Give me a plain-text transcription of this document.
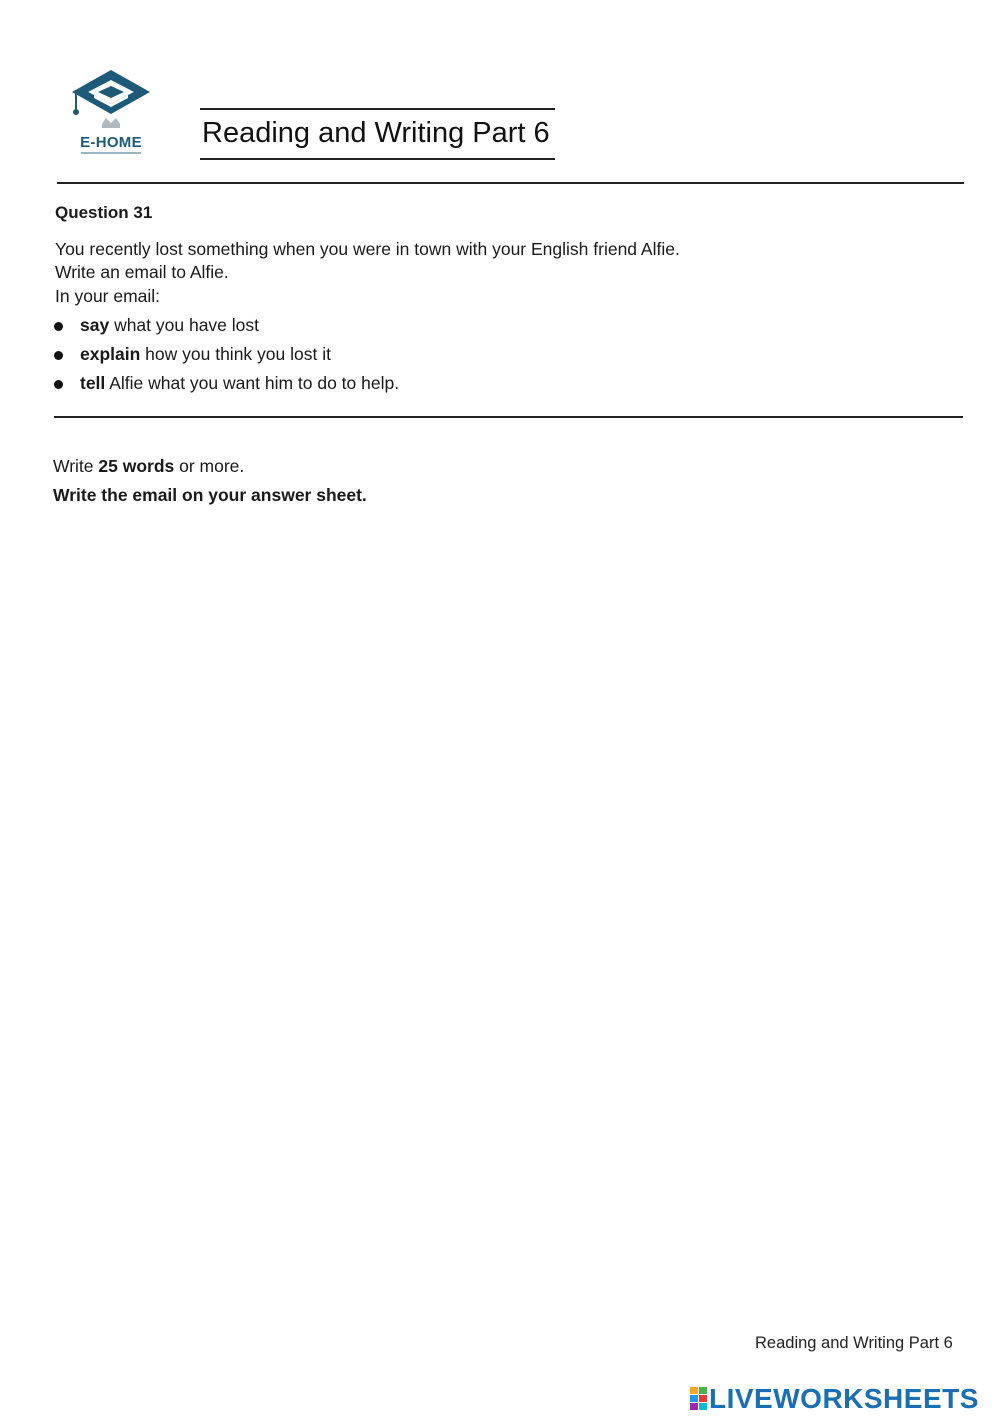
E-HOME	Reading and Writing Part 6
Question 31
You recently lost something when you were in town with your English friend Alfie.
Write an email to Alfie.
In your email:
say what you have lost
explain how you think you lost it
tell Alfie what you want him to do to help.
Write 25 words or more.
Write the email on your answer sheet.
Reading and Writing Part 6
LIVEWORKSHEETS
